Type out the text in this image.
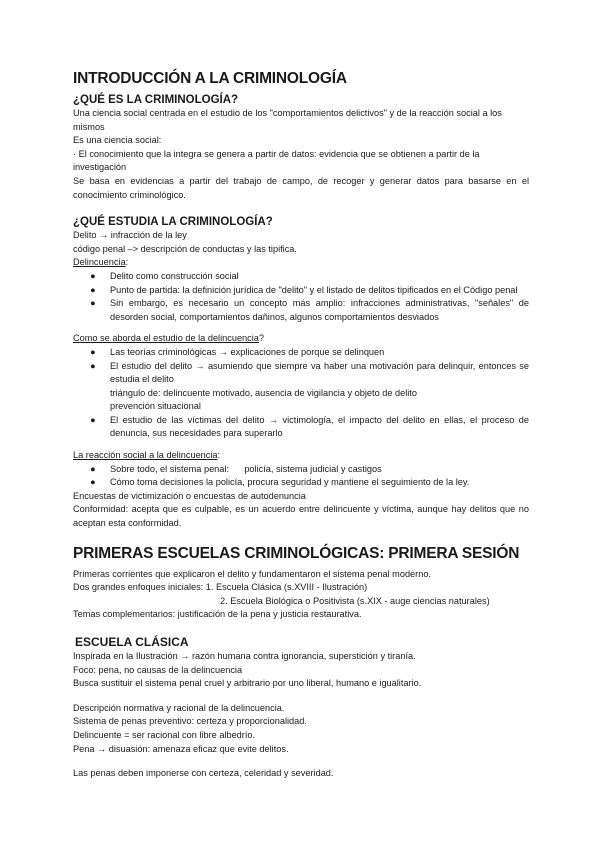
INTRODUCCIÓN A LA CRIMINOLOGÍA
¿QUÉ ES LA CRIMINOLOGÍA?

Una ciencia social centrada en el estudio de los "comportamientos delictivos" y de la reacción social a los mismos

Es una ciencia social:

· El conocimiento que la integra se genera a partir de datos: evidencia que se obtienen a partir de la investigación

Se basa en evidencias a partir del trabajo de campo, de recoger y generar datos para basarse en el conocimiento criminológico.

¿QUÉ ESTUDIA LA CRIMINOLOGÍA?

Delito → infracción de la ley

código penal –> descripción de conductas y las tipifica.

Delincuencia:

● Delito como construcción social
● Punto de partida: la definición jurídica de "delito" y el listado de delitos tipificados en el Código penal
● Sin embargo, es necesario un concepto más amplio: infracciones administrativas, "señales" de desorden social, comportamientos dañinos, algunos comportamientos desviados

Como se aborda el estudio de la delincuencia?

● Las teorías criminológicas → explicaciones de porque se delinquen
● El estudio del delito → asumiendo que siempre va haber una motivación para delinquir, entonces se estudia el delito

triángulo de: delincuente motivado, ausencia de vigilancia y objeto de delito

prevención situacional

● El estudio de las víctimas del delito → victimología, el impacto del delito en ellas, el proceso de denuncia, sus necesidades para superarlo

La reacción social a la delincuencia:

● Sobre todo, el sistema penal:      policía, sistema judicial y castigos
● Cómo toma decisiones la policía, procura seguridad y mantiene el seguimiento de la ley.

Encuestas de victimización o encuestas de autodenuncia

Conformidad: acepta que es culpable, es un acuerdo entre delincuente y víctima, aunque hay delitos que no aceptan esta conformidad.

PRIMERAS ESCUELAS CRIMINOLÓGICAS: PRIMERA SESIÓN

Primeras corrientes que explicaron el delito y fundamentaron el sistema penal moderno.

Dos grandes enfoques iniciales: 1. Escuela Clásica (s.XVIII - Ilustración)

2. Escuela Biológica o Positivista (s.XIX - auge ciencias naturales)

Temas complementarios: justificación de la pena y justicia restaurativa.

ESCUELA CLÁSICA

Inspirada en la Ilustración → razón humana contra ignorancia, superstición y tiranía.

Foco: pena, no causas de la delincuencia

Busca sustituir el sistema penal cruel y arbitrario por uno liberal, humano e igualitario.

Descripción normativa y racional de la delincuencia.

Sistema de penas preventivo: certeza y proporcionalidad.

Delincuente = ser racional con libre albedrío.

Pena → disuasión: amenaza eficaz que evite delitos.

Las penas deben imponerse con certeza, celeridad y severidad.
